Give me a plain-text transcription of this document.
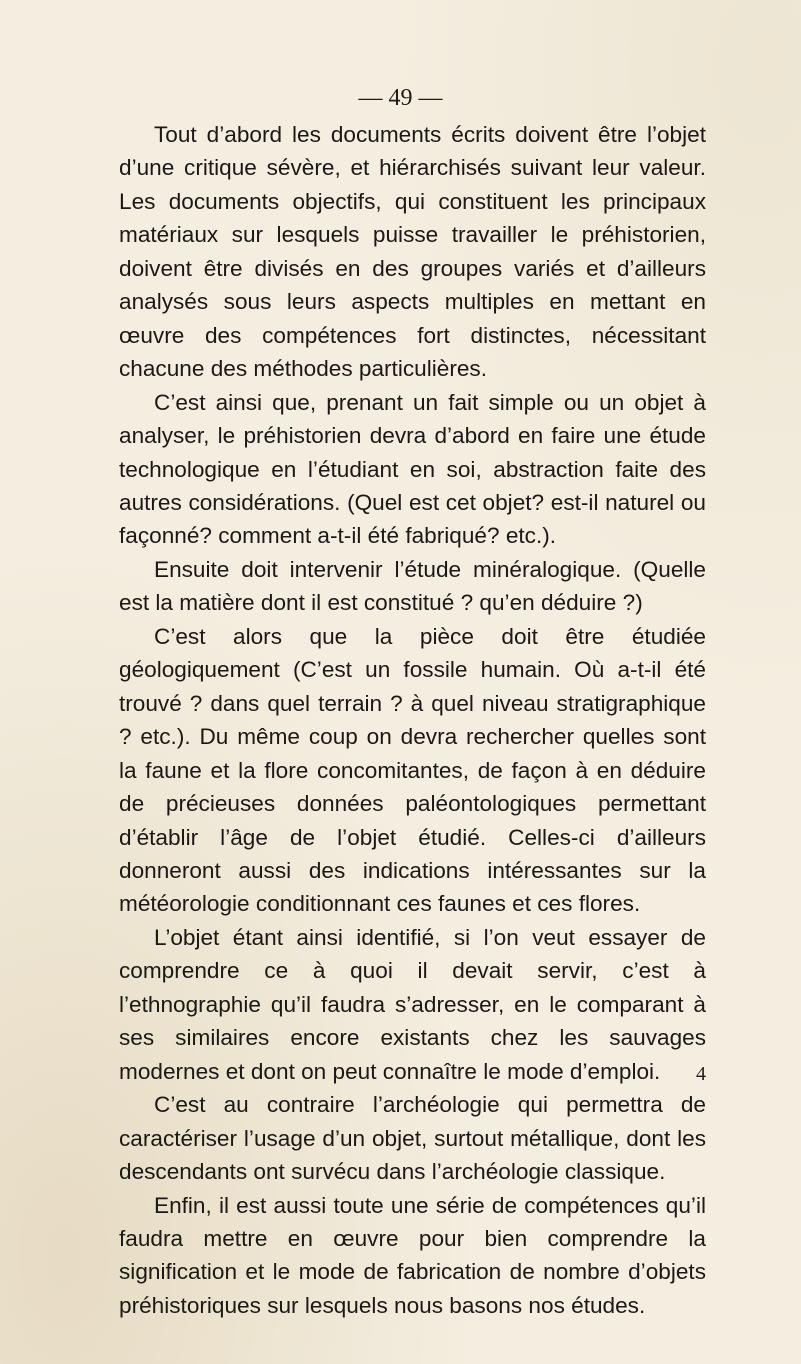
— 49 —

Tout d’abord les documents écrits doivent être l’objet d’une critique sévère, et hiérarchisés suivant leur valeur. Les documents objectifs, qui constituent les principaux matériaux sur lesquels puisse travailler le préhistorien, doivent être divisés en des groupes variés et d’ailleurs analysés sous leurs aspects multiples en mettant en œuvre des compétences fort distinctes, nécessitant chacune des méthodes particulières.

C’est ainsi que, prenant un fait simple ou un objet à analyser, le préhistorien devra d’abord en faire une étude technologique en l’étudiant en soi, abstraction faite des autres considérations. (Quel est cet objet? est-il naturel ou façonné? comment a-t-il été fabriqué? etc.).

Ensuite doit intervenir l’étude minéralogique. (Quelle est la matière dont il est constitué ? qu’en déduire ?)

C’est alors que la pièce doit être étudiée géologiquement (C’est un fossile humain. Où a-t-il été trouvé ? dans quel terrain ? à quel niveau stratigraphique ? etc.). Du même coup on devra rechercher quelles sont la faune et la flore concomitantes, de façon à en déduire de précieuses données paléontologiques permettant d’établir l’âge de l’objet étudié. Celles-ci d’ailleurs donneront aussi des indications intéressantes sur la météorologie conditionnant ces faunes et ces flores.

L’objet étant ainsi identifié, si l’on veut essayer de comprendre ce à quoi il devait servir, c’est à l’ethnographie qu’il faudra s’adresser, en le comparant à ses similaires encore existants chez les sauvages modernes et dont on peut connaître le mode d’emploi.

C’est au contraire l’archéologie qui permettra de caractériser l’usage d’un objet, surtout métallique, dont les descendants ont survécu dans l’archéologie classique.

Enfin, il est aussi toute une série de compétences qu’il faudra mettre en œuvre pour bien comprendre la signification et le mode de fabrication de nombre d’objets préhistoriques sur lesquels nous basons nos études.

4
